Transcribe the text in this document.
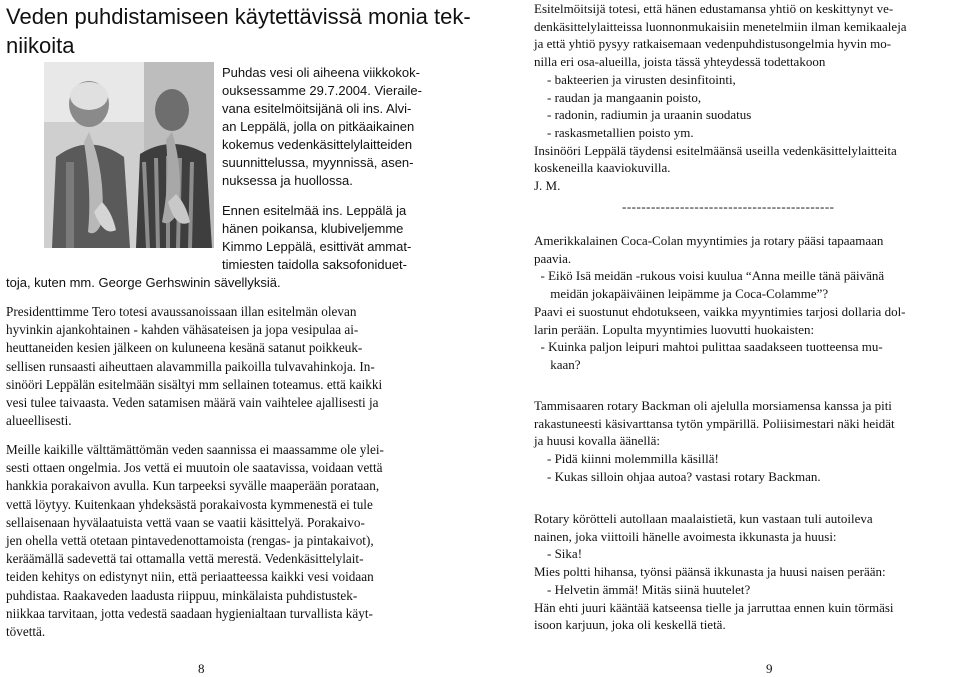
Veden puhdistamiseen käytettävissä monia tek-
niikoita
Puhdas vesi oli aiheena viikkokok-
ouksessamme 29.7.2004. Vieraile-
vana esitelmöitsijänä oli ins. Alvi-
an Leppälä, jolla on pitkäaikainen
kokemus vedenkäsittelylaitteiden
suunnittelussa, myynnissä, asen-
nuksessa ja huollossa.
Ennen esitelmää ins. Leppälä ja
hänen poikansa, klubiveljemme
Kimmo Leppälä, esittivät ammat-
timiesten taidolla saksofoniduet-
toja, kuten mm. George Gerhswinin sävellyksiä.
Presidenttimme Tero totesi avaussanoissaan illan esitelmän olevan
hyvinkin ajankohtainen - kahden vähäsateisen ja jopa vesipulaa ai-
heuttaneiden kesien jälkeen on kuluneena kesänä satanut poikkeuk-
sellisen runsaasti aiheuttaen alavammilla paikoilla tulvavahinkoja. In-
sinööri Leppälän esitelmään sisältyi mm sellainen toteamus. että kaikki
vesi tulee taivaasta. Veden satamisen määrä vain vaihtelee ajallisesti ja
alueellisesti.
Meille kaikille välttämättömän veden saannissa ei maassamme ole ylei-
sesti ottaen ongelmia. Jos vettä ei muutoin ole saatavissa, voidaan vettä
hankkia porakaivon avulla. Kun tarpeeksi syvälle maaperään porataan,
vettä löytyy. Kuitenkaan yhdeksästä porakaivosta kymmenestä ei tule
sellaisenaan hyvälaatuista vettä vaan se vaatii käsittelyä. Porakaivo-
jen ohella vettä otetaan pintavedenottamoista (rengas- ja pintakaivot),
keräämällä sadevettä tai ottamalla vettä merestä. Vedenkäsittelylait-
teiden kehitys on edistynyt niin, että periaatteessa kaikki vesi voidaan
puhdistaa. Raakaveden laadusta riippuu, minkälaista puhdistustek-
niikkaa tarvitaan, jotta vedestä saadaan hygienialtaan turvallista käyt-
tövettä.
8
Esitelmöitsijä totesi, että hänen edustamansa yhtiö on keskittynyt ve-
denkäsittelylaitteissa luonnonmukaisiin menetelmiin ilman kemikaaleja
ja että yhtiö pysyy ratkaisemaan vedenpuhdistusongelmia hyvin mo-
nilla eri osa-alueilla, joista tässä yhteydessä todettakoon
- bakteerien ja virusten desinfitointi,
- raudan ja mangaanin poisto,
- radonin, radiumin ja uraanin suodatus
- raskasmetallien poisto ym.
Insinööri Leppälä täydensi esitelmäänsä useilla vedenkäsittelylaitteita
koskeneilla kaaviokuvilla.
J. M.
--------------------------------------------
Amerikkalainen Coca-Colan myyntimies ja rotary pääsi tapaamaan
paavia.
- Eikö Isä meidän -rukous voisi kuulua “Anna meille tänä päivänä
meidän jokapäiväinen leipämme ja Coca-Colamme”?
Paavi ei suostunut ehdotukseen, vaikka myyntimies tarjosi dollaria dol-
larin perään. Lopulta myyntimies luovutti huokaisten:
- Kuinka paljon leipuri mahtoi pulittaa saadakseen tuotteensa mu-
kaan?
Tammisaaren rotary Backman oli ajelulla morsiamensa kanssa ja piti
rakastuneesti käsivarttansa tytön ympärillä. Poliisimestari näki heidät
ja huusi kovalla äänellä:
- Pidä kiinni molemmilla käsillä!
- Kukas silloin ohjaa autoa? vastasi rotary Backman.
Rotary körötteli autollaan maalaistietä, kun vastaan tuli autoileva
nainen, joka viittoili hänelle avoimesta ikkunasta ja huusi:
- Sika!
Mies poltti hihansa, työnsi päänsä ikkunasta ja huusi naisen perään:
- Helvetin ämmä! Mitäs siinä huutelet?
Hän ehti juuri kääntää katseensa tielle ja jarruttaa ennen kuin törmäsi
isoon karjuun, joka oli keskellä tietä.
9
